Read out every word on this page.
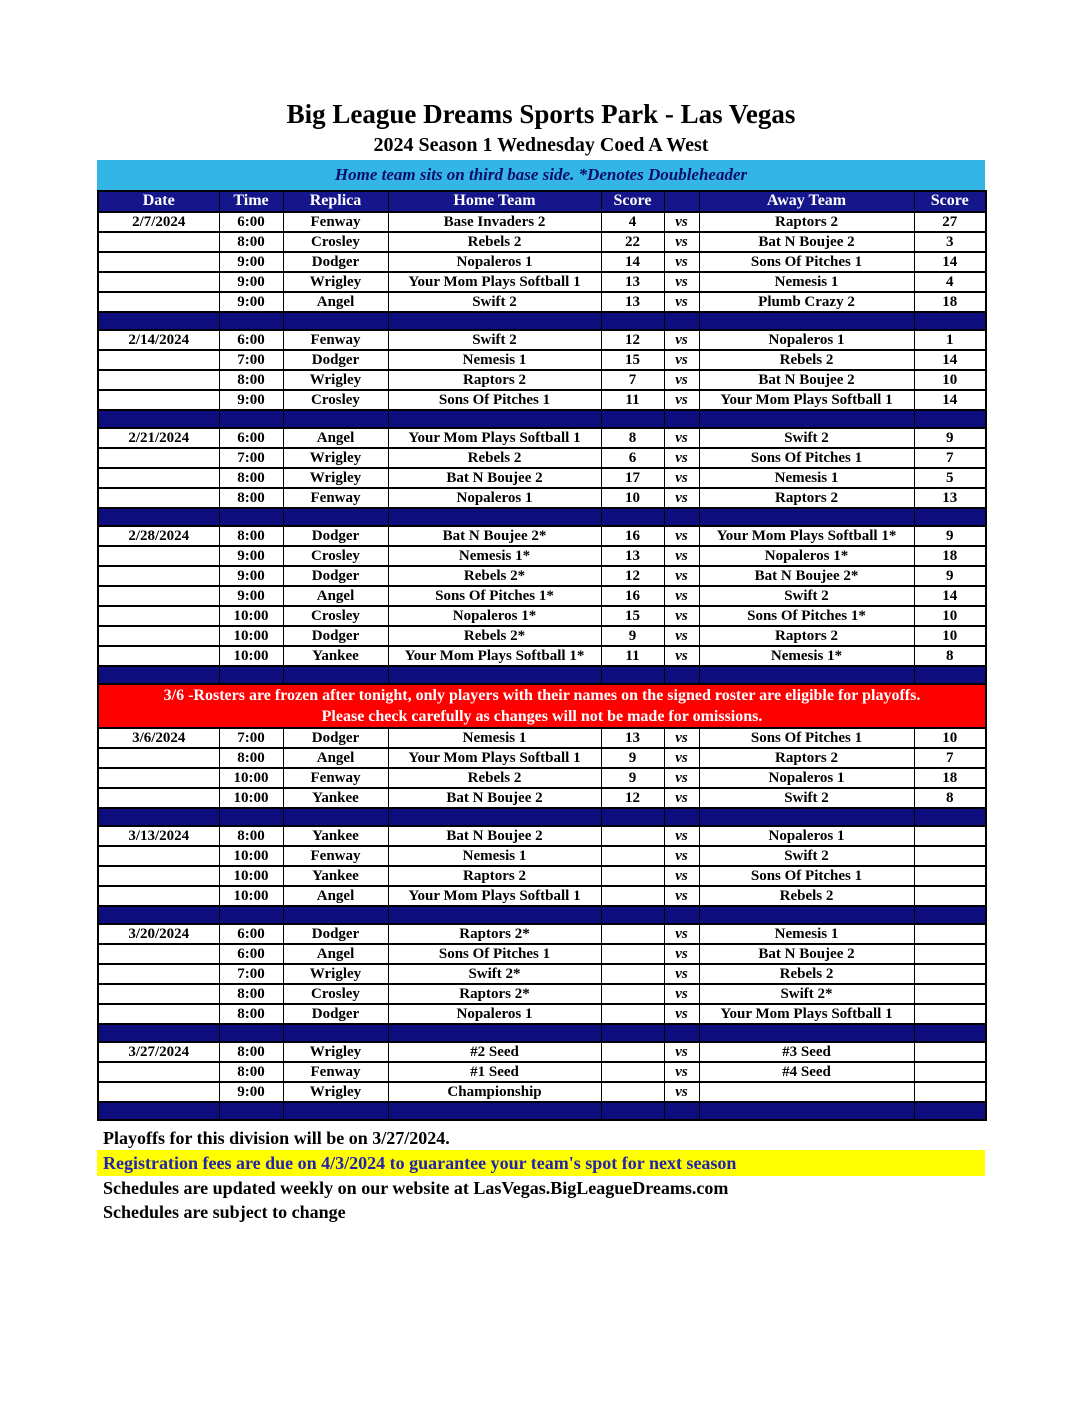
Big League Dreams Sports Park - Las Vegas
2024 Season 1 Wednesday Coed A West
Home team sits on third base side. *Denotes Doubleheader
Date	Time	Replica	Home Team	Score		Away Team	Score
2/7/2024	6:00	Fenway	Base Invaders 2	4	vs	Raptors 2	27
	8:00	Crosley	Rebels 2	22	vs	Bat N Boujee 2	3
	9:00	Dodger	Nopaleros 1	14	vs	Sons Of Pitches 1	14
	9:00	Wrigley	Your Mom Plays Softball 1	13	vs	Nemesis 1	4
	9:00	Angel	Swift 2	13	vs	Plumb Crazy 2	18

2/14/2024	6:00	Fenway	Swift 2	12	vs	Nopaleros 1	1
	7:00	Dodger	Nemesis 1	15	vs	Rebels 2	14
	8:00	Wrigley	Raptors 2	7	vs	Bat N Boujee 2	10
	9:00	Crosley	Sons Of Pitches 1	11	vs	Your Mom Plays Softball 1	14

2/21/2024	6:00	Angel	Your Mom Plays Softball 1	8	vs	Swift 2	9
	7:00	Wrigley	Rebels 2	6	vs	Sons Of Pitches 1	7
	8:00	Wrigley	Bat N Boujee 2	17	vs	Nemesis 1	5
	8:00	Fenway	Nopaleros 1	10	vs	Raptors 2	13

2/28/2024	8:00	Dodger	Bat N Boujee 2*	16	vs	Your Mom Plays Softball 1*	9
	9:00	Crosley	Nemesis 1*	13	vs	Nopaleros 1*	18
	9:00	Dodger	Rebels 2*	12	vs	Bat N Boujee 2*	9
	9:00	Angel	Sons Of Pitches 1*	16	vs	Swift 2	14
	10:00	Crosley	Nopaleros 1*	15	vs	Sons Of Pitches 1*	10
	10:00	Dodger	Rebels 2*	9	vs	Raptors 2	10
	10:00	Yankee	Your Mom Plays Softball 1*	11	vs	Nemesis 1*	8

3/6 -Rosters are frozen after tonight, only players with their names on the signed roster are eligible for playoffs.
Please check carefully as changes will not be made for omissions.							

3/6/2024	7:00	Dodger	Nemesis 1	13	vs	Sons Of Pitches 1	10
	8:00	Angel	Your Mom Plays Softball 1	9	vs	Raptors 2	7
	10:00	Fenway	Rebels 2	9	vs	Nopaleros 1	18
	10:00	Yankee	Bat N Boujee 2	12	vs	Swift 2	8

3/13/2024	8:00	Yankee	Bat N Boujee 2		vs	Nopaleros 1	
	10:00	Fenway	Nemesis 1		vs	Swift 2	
	10:00	Yankee	Raptors 2		vs	Sons Of Pitches 1	
	10:00	Angel	Your Mom Plays Softball 1		vs	Rebels 2	

3/20/2024	6:00	Dodger	Raptors 2*		vs	Nemesis 1	
	6:00	Angel	Sons Of Pitches 1		vs	Bat N Boujee 2	
	7:00	Wrigley	Swift 2*		vs	Rebels 2	
	8:00	Crosley	Raptors 2*		vs	Swift 2*	
	8:00	Dodger	Nopaleros 1		vs	Your Mom Plays Softball 1	

3/27/2024	8:00	Wrigley	#2 Seed		vs	#3 Seed	
	8:00	Fenway	#1 Seed		vs	#4 Seed	
	9:00	Wrigley	Championship		vs		

Playoffs for this division will be on 3/27/2024.
Registration fees are due on 4/3/2024 to guarantee your team's spot for next season
Schedules are updated weekly on our website at LasVegas.BigLeagueDreams.com
Schedules are subject to change
